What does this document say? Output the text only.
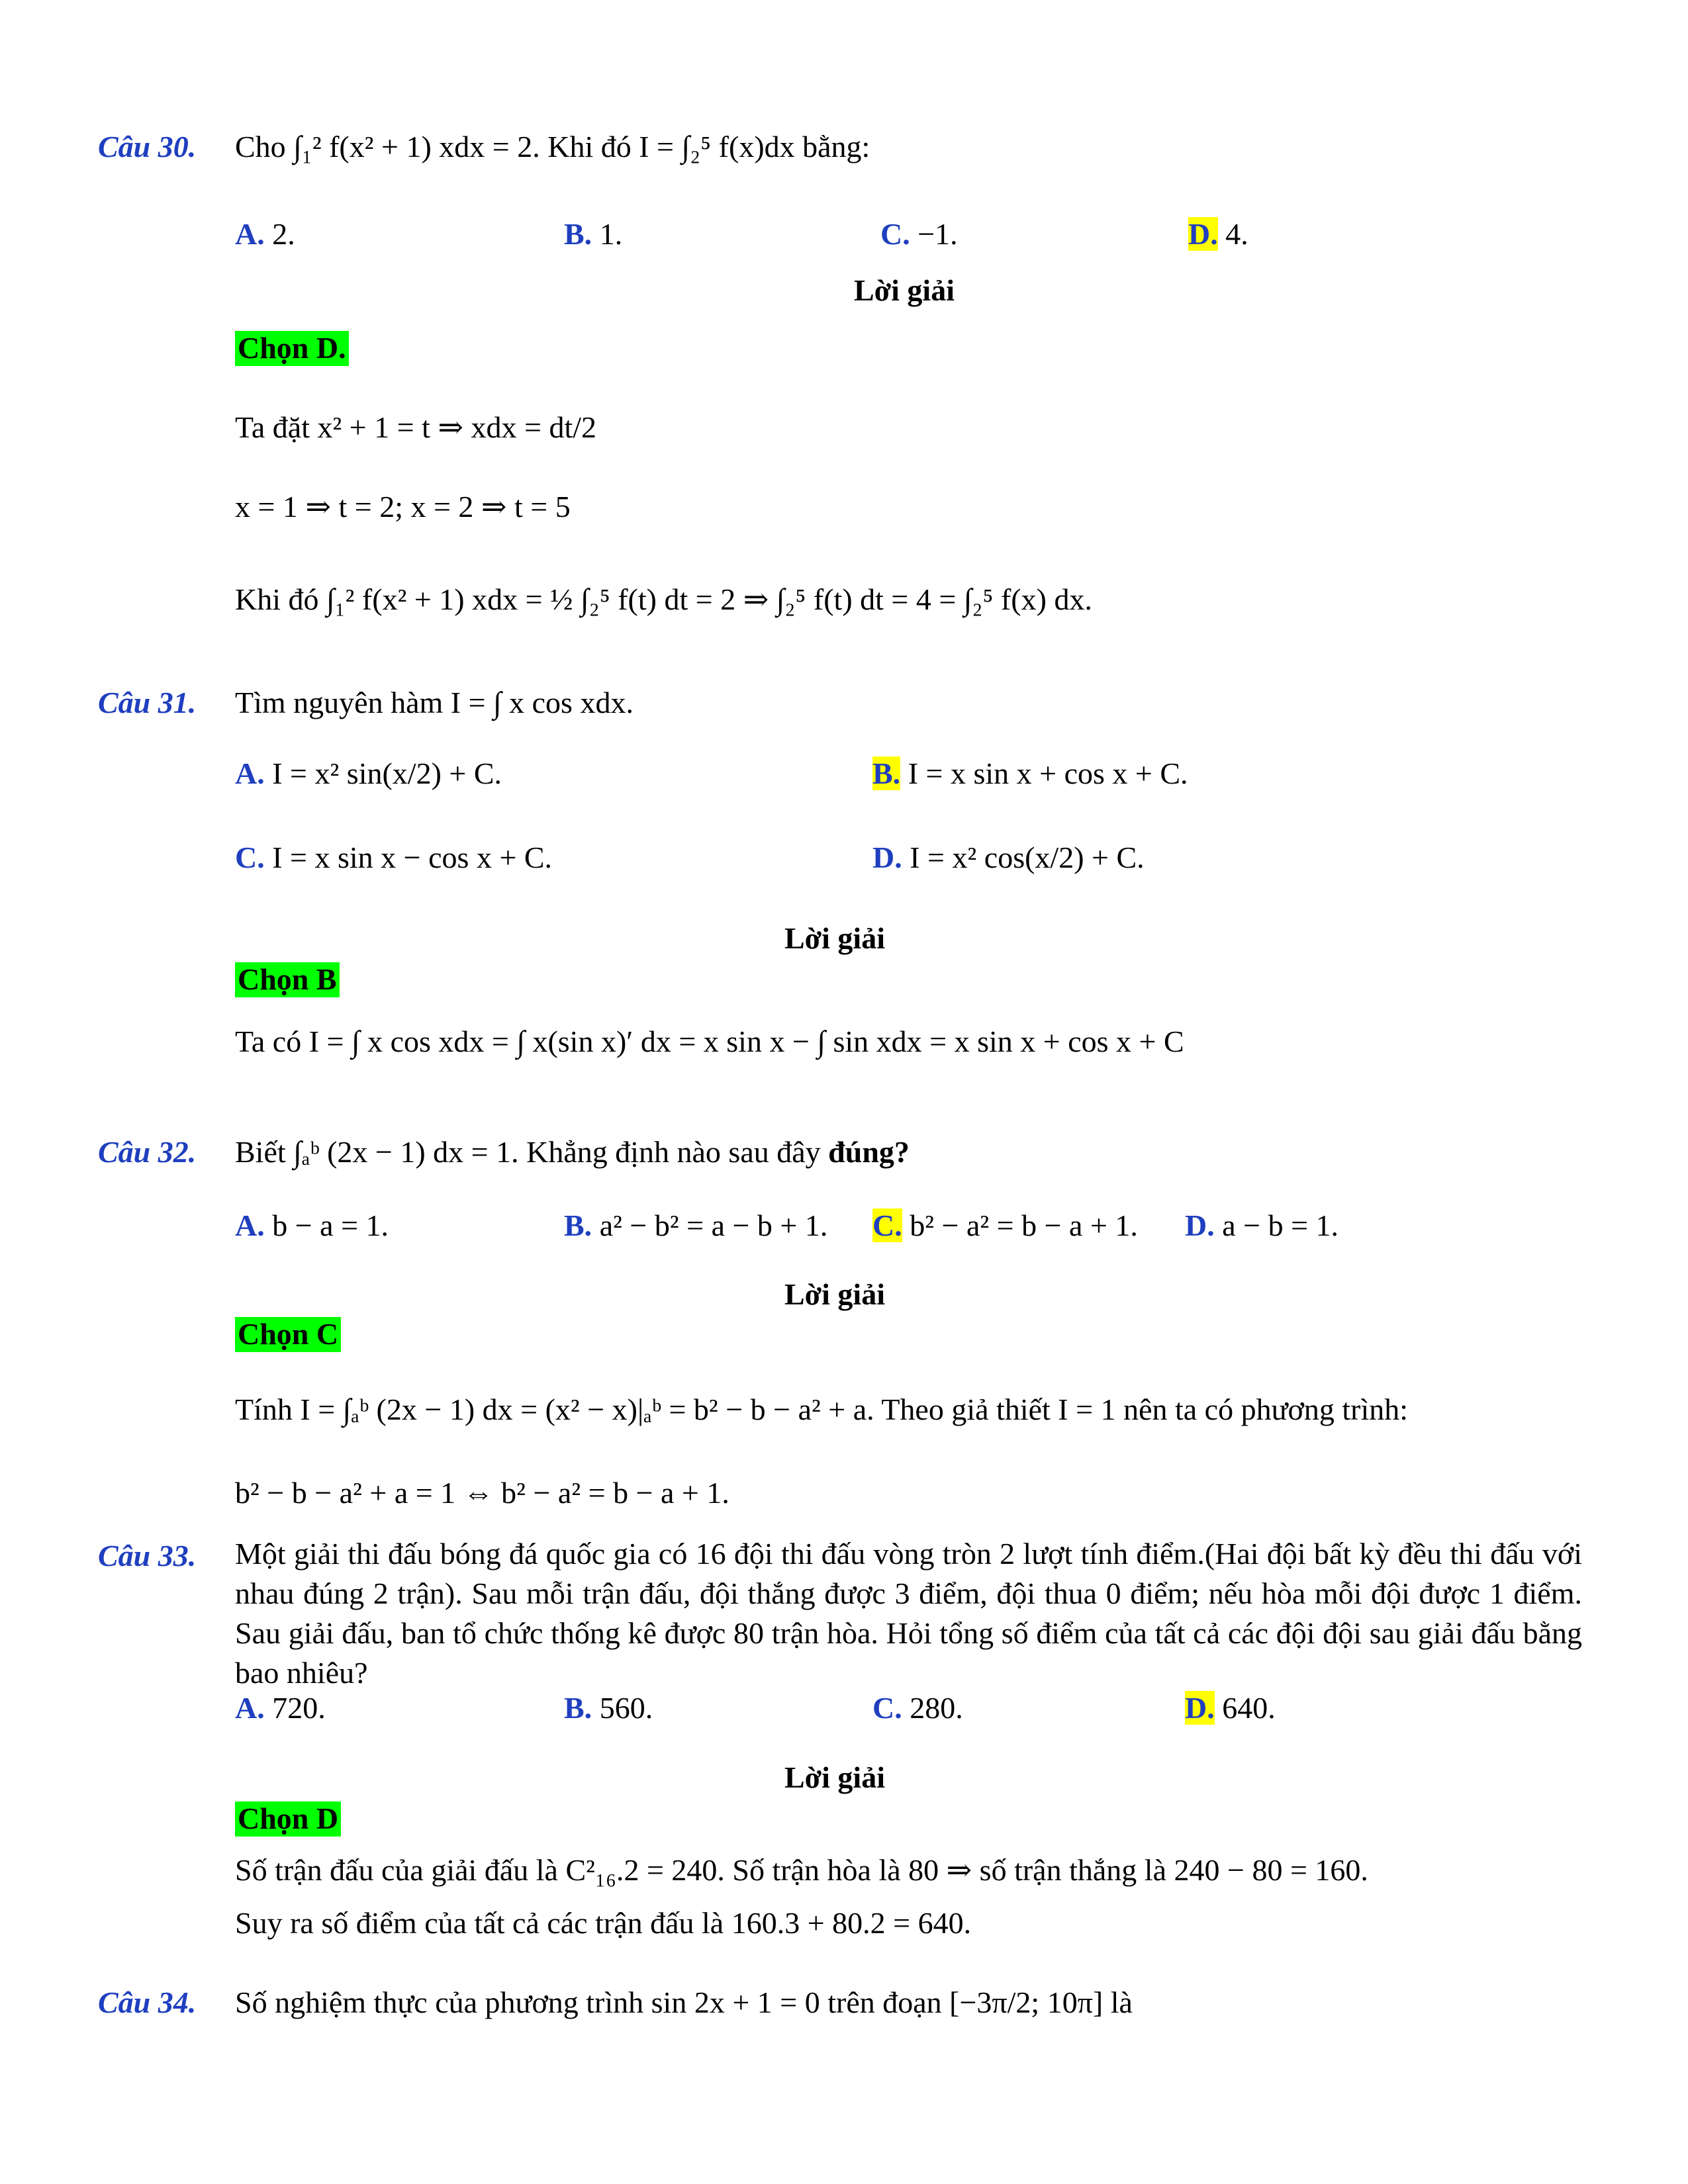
Câu 30. Cho ∫₁² f(x² + 1) xdx = 2. Khi đó I = ∫₂⁵ f(x)dx bằng:
A. 2.	B. 1.	C. −1.	D. 4.
Lời giải
Chọn D.
Ta đặt x² + 1 = t ⇒ xdx = dt/2
x = 1 ⇒ t = 2; x = 2 ⇒ t = 5
Khi đó ∫₁² f(x² + 1) xdx = ½ ∫₂⁵ f(t) dt = 2 ⇒ ∫₂⁵ f(t) dt = 4 = ∫₂⁵ f(x) dx.
Câu 31. Tìm nguyên hàm I = ∫ x cos xdx.
A. I = x² sin(x/2) + C.	B. I = x sin x + cos x + C.
C. I = x sin x − cos x + C.	D. I = x² cos(x/2) + C.
Lời giải
Chọn B
Ta có I = ∫ x cos xdx = ∫ x(sin x)′ dx = x sin x − ∫ sin xdx = x sin x + cos x + C
Câu 32. Biết ∫ₐᵇ (2x − 1) dx = 1. Khẳng định nào sau đây đúng?
A. b − a = 1.	B. a² − b² = a − b + 1. C. b² − a² = b − a + 1. D. a − b = 1.
Lời giải
Chọn C
Tính I = ∫ₐᵇ (2x − 1) dx = (x² − x)|ₐᵇ = b² − b − a² + a. Theo giả thiết I = 1 nên ta có phương trình:
b² − b − a² + a = 1 ⇔ b² − a² = b − a + 1.
Câu 33. Một giải thi đấu bóng đá quốc gia có 16 đội thi đấu vòng tròn 2 lượt tính điểm.(Hai đội bất kỳ đều thi đấu với nhau đúng 2 trận). Sau mỗi trận đấu, đội thắng được 3 điểm, đội thua 0 điểm; nếu hòa mỗi đội được 1 điểm. Sau giải đấu, ban tổ chức thống kê được 80 trận hòa. Hỏi tổng số điểm của tất cả các đội đội sau giải đấu bằng bao nhiêu?
A. 720.	B. 560.	C. 280.	D. 640.
Lời giải
Chọn D
Số trận đấu của giải đấu là C²₁₆.2 = 240. Số trận hòa là 80 ⇒ số trận thắng là 240 − 80 = 160.
Suy ra số điểm của tất cả các trận đấu là 160.3 + 80.2 = 640.
Câu 34. Số nghiệm thực của phương trình sin 2x + 1 = 0 trên đoạn [−3π/2; 10π] là
